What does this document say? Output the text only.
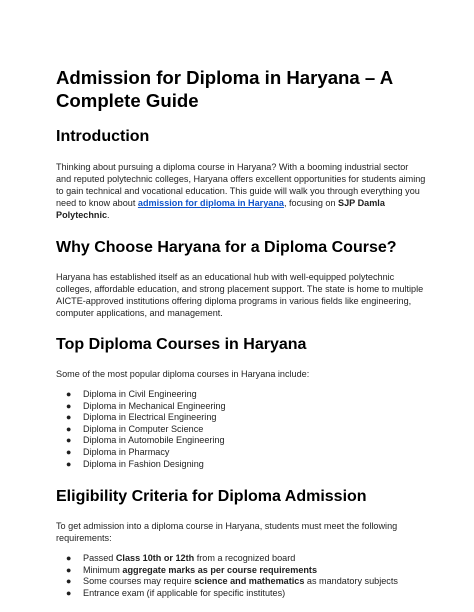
Admission for Diploma in Haryana – A Complete Guide
Introduction

Thinking about pursuing a diploma course in Haryana? With a booming industrial sector and reputed polytechnic colleges, Haryana offers excellent opportunities for students aiming to gain technical and vocational education. This guide will walk you through everything you need to know about admission for diploma in Haryana, focusing on SJP Damla Polytechnic.

Why Choose Haryana for a Diploma Course?

Haryana has established itself as an educational hub with well-equipped polytechnic colleges, affordable education, and strong placement support. The state is home to multiple AICTE-approved institutions offering diploma programs in various fields like engineering, computer applications, and management.

Top Diploma Courses in Haryana

Some of the most popular diploma courses in Haryana include:

● Diploma in Civil Engineering
● Diploma in Mechanical Engineering
● Diploma in Electrical Engineering
● Diploma in Computer Science
● Diploma in Automobile Engineering
● Diploma in Pharmacy
● Diploma in Fashion Designing
Eligibility Criteria for Diploma Admission

To get admission into a diploma course in Haryana, students must meet the following requirements:

● Passed Class 10th or 12th from a recognized board
● Minimum aggregate marks as per course requirements
● Some courses may require science and mathematics as mandatory subjects
● Entrance exam (if applicable for specific institutes)
